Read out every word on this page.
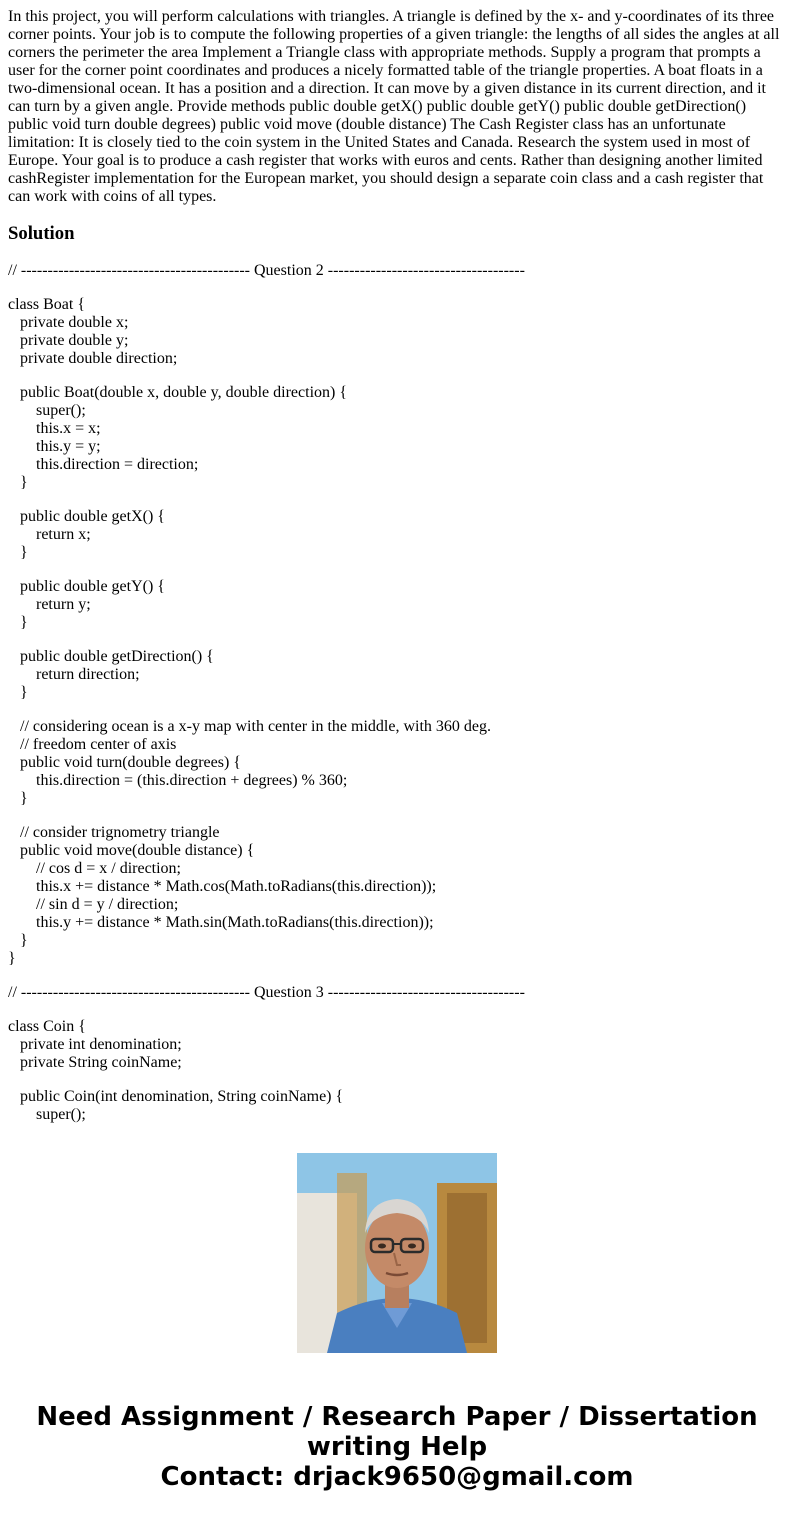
In this project, you will perform calculations with triangles. A triangle is defined by the x- and y-coordinates of its three corner points. Your job is to compute the following properties of a given triangle: the lengths of all sides the angles at all corners the perimeter the area Implement a Triangle class with appropriate methods. Supply a program that prompts a user for the corner point coordinates and produces a nicely formatted table of the triangle properties. A boat floats in a two-dimensional ocean. It has a position and a direction. It can move by a given distance in its current direction, and it can turn by a given angle. Provide methods public double getX() public double getY() public double getDirection() public void turn double degrees) public void move (double distance) The Cash Register class has an unfortunate limitation: It is closely tied to the coin system in the United States and Canada. Research the system used in most of Europe. Your goal is to produce a cash register that works with euros and cents. Rather than designing another limited cashRegister implementation for the European market, you should design a separate coin class and a cash register that can work with coins of all types.

Solution
// ------------------------------------------- Question 2 -------------------------------------
class Boat {
private double x;
private double y;
private double direction;
public Boat(double x, double y, double direction) {
super();
this.x = x;
this.y = y;
this.direction = direction;
}
public double getX() {
return x;
}
public double getY() {
return y;
}
public double getDirection() {
return direction;
}
// considering ocean is a x-y map with center in the middle, with 360 deg.
// freedom center of axis
public void turn(double degrees) {
this.direction = (this.direction + degrees) % 360;
}
// consider trignometry triangle
public void move(double distance) {
// cos d = x / direction;
this.x += distance * Math.cos(Math.toRadians(this.direction));
// sin d = y / direction;
this.y += distance * Math.sin(Math.toRadians(this.direction));
}
}
// ------------------------------------------- Question 3 -------------------------------------
class Coin {
private int denomination;
private String coinName;
public Coin(int denomination, String coinName) {
super();
Need Assignment / Research Paper / Dissertation writing Help
Contact: drjack9650@gmail.com
